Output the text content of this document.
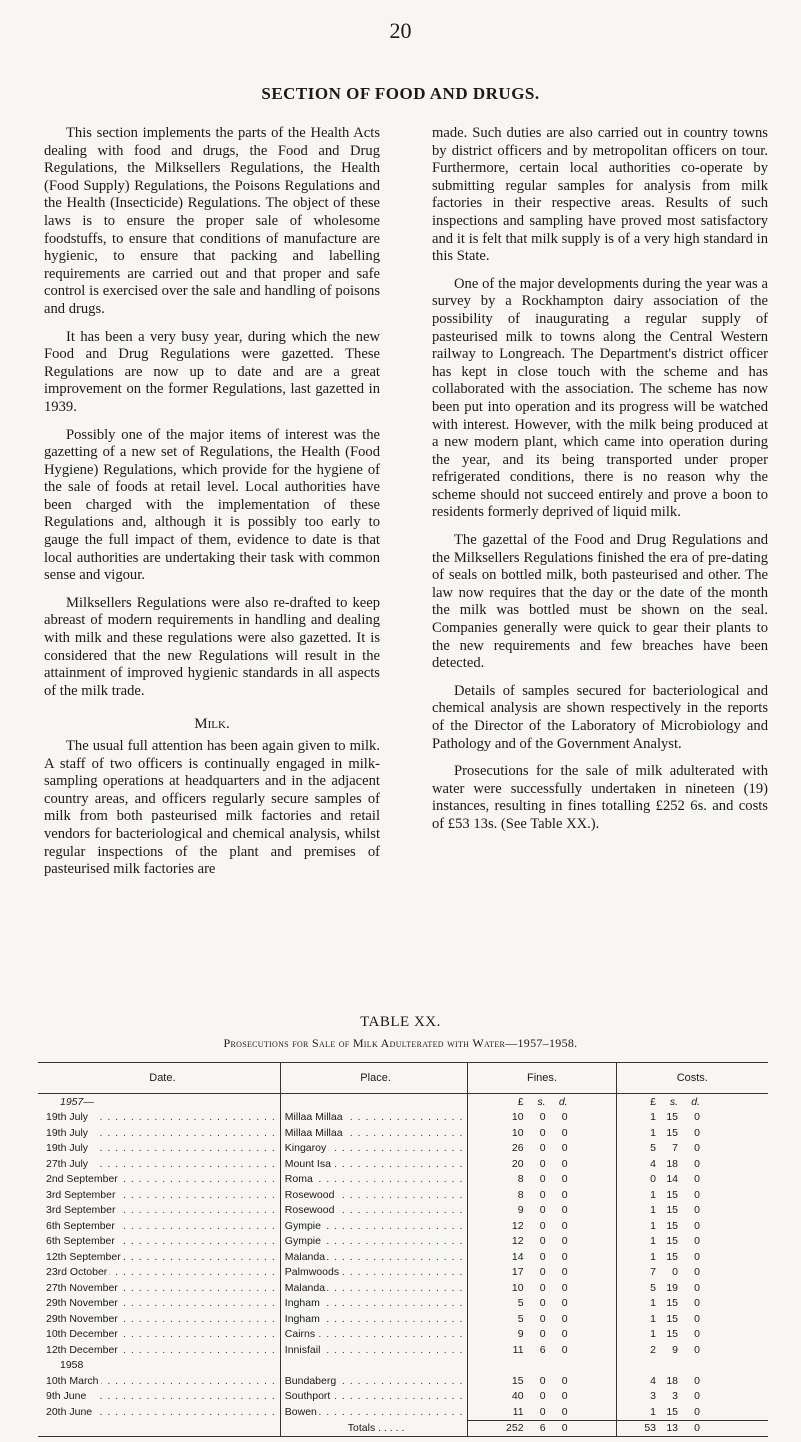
20
SECTION OF FOOD AND DRUGS.

This section implements the parts of the Health Acts dealing with food and drugs, the Food and Drug Regulations, the Milksellers Regulations, the Health (Food Supply) Regulations, the Poisons Regulations and the Health (Insecticide) Regulations. The object of these laws is to ensure the proper sale of wholesome foodstuffs, to ensure that conditions of manufacture are hygienic, to ensure that packing and labelling requirements are carried out and that proper and safe control is exercised over the sale and handling of poisons and drugs.

It has been a very busy year, during which the new Food and Drug Regulations were gazetted. These Regulations are now up to date and are a great improvement on the former Regulations, last gazetted in 1939.

Possibly one of the major items of interest was the gazetting of a new set of Regulations, the Health (Food Hygiene) Regulations, which provide for the hygiene of the sale of foods at retail level. Local authorities have been charged with the implementation of these Regulations and, although it is possibly too early to gauge the full impact of them, evidence to date is that local authorities are undertaking their task with common sense and vigour.

Milksellers Regulations were also re-drafted to keep abreast of modern requirements in handling and dealing with milk and these regulations were also gazetted. It is considered that the new Regulations will result in the attainment of improved hygienic standards in all aspects of the milk trade.

Milk.

The usual full attention has been again given to milk. A staff of two officers is continually engaged in milk-sampling operations at headquarters and in the adjacent country areas, and officers regularly secure samples of milk from both pasteurised milk factories and retail vendors for bacteriological and chemical analysis, whilst regular inspections of the plant and premises of pasteurised milk factories are

made. Such duties are also carried out in country towns by district officers and by metropolitan officers on tour. Furthermore, certain local authorities co-operate by submitting regular samples for analysis from milk factories in their respective areas. Results of such inspections and sampling have proved most satisfactory and it is felt that milk supply is of a very high standard in this State.

One of the major developments during the year was a survey by a Rockhampton dairy association of the possibility of inaugurating a regular supply of pasteurised milk to towns along the Central Western railway to Longreach. The Department's district officer has kept in close touch with the scheme and has collaborated with the association. The scheme has now been put into operation and its progress will be watched with interest. However, with the milk being produced at a new modern plant, which came into operation during the year, and its being transported under proper refrigerated conditions, there is no reason why the scheme should not succeed entirely and prove a boon to residents formerly deprived of liquid milk.

The gazettal of the Food and Drug Regulations and the Milksellers Regulations finished the era of pre-dating of seals on bottled milk, both pasteurised and other. The law now requires that the day or the date of the month the milk was bottled must be shown on the seal. Companies generally were quick to gear their plants to the new requirements and few breaches have been detected.

Details of samples secured for bacteriological and chemical analysis are shown respectively in the reports of the Director of the Laboratory of Microbiology and Pathology and of the Government Analyst.

Prosecutions for the sale of milk adulterated with water were successfully undertaken in nineteen (19) instances, resulting in fines totalling £252 6s. and costs of £53 13s. (See Table XX.).

TABLE XX.
Prosecutions for Sale of Milk Adulterated with Water—1957–1958.
Date.	Place.	Fines.	Costs.
1957—		£ s. d.	£ s. d.

19th July . . .	Millaa Millaa . . .	10 0 0	1 15 0

19th July . . .	Millaa Millaa . . .	10 0 0	1 15 0

19th July . . .	Kingaroy . . .	26 0 0	5 7 0

27th July . . .	Mount Isa . . .	20 0 0	4 18 0

2nd September . . .	Roma . . .	8 0 0	0 14 0

3rd September . . .	Rosewood . . .	8 0 0	1 15 0

3rd September . . .	Rosewood . . .	9 0 0	1 15 0

6th September . . .	Gympie . . .	12 0 0	1 15 0

6th September . . .	Gympie . . .	12 0 0	1 15 0

12th September . . .	Malanda . . .	14 0 0	1 15 0

23rd October . . .	Palmwoods . . .	17 0 0	7 0 0

27th November . . .	Malanda . . .	10 0 0	5 19 0

29th November . . .	Ingham . . .	5 0 0	1 15 0

29th November . . .	Ingham . . .	5 0 0	1 15 0

10th December . . .	Cairns . . .	9 0 0	1 15 0

12th December . . .	Innisfail . . .	11 6 0	2 9 0

1958			
10th March . . .	Bundaberg . . .	15 0 0	4 18 0

9th June . . .	Southport . . .	40 0 0	3 3 0

20th June . . .	Bowen . . .	11 0 0	1 15 0

	Totals . . . . .	252 6 0	53 13 0
